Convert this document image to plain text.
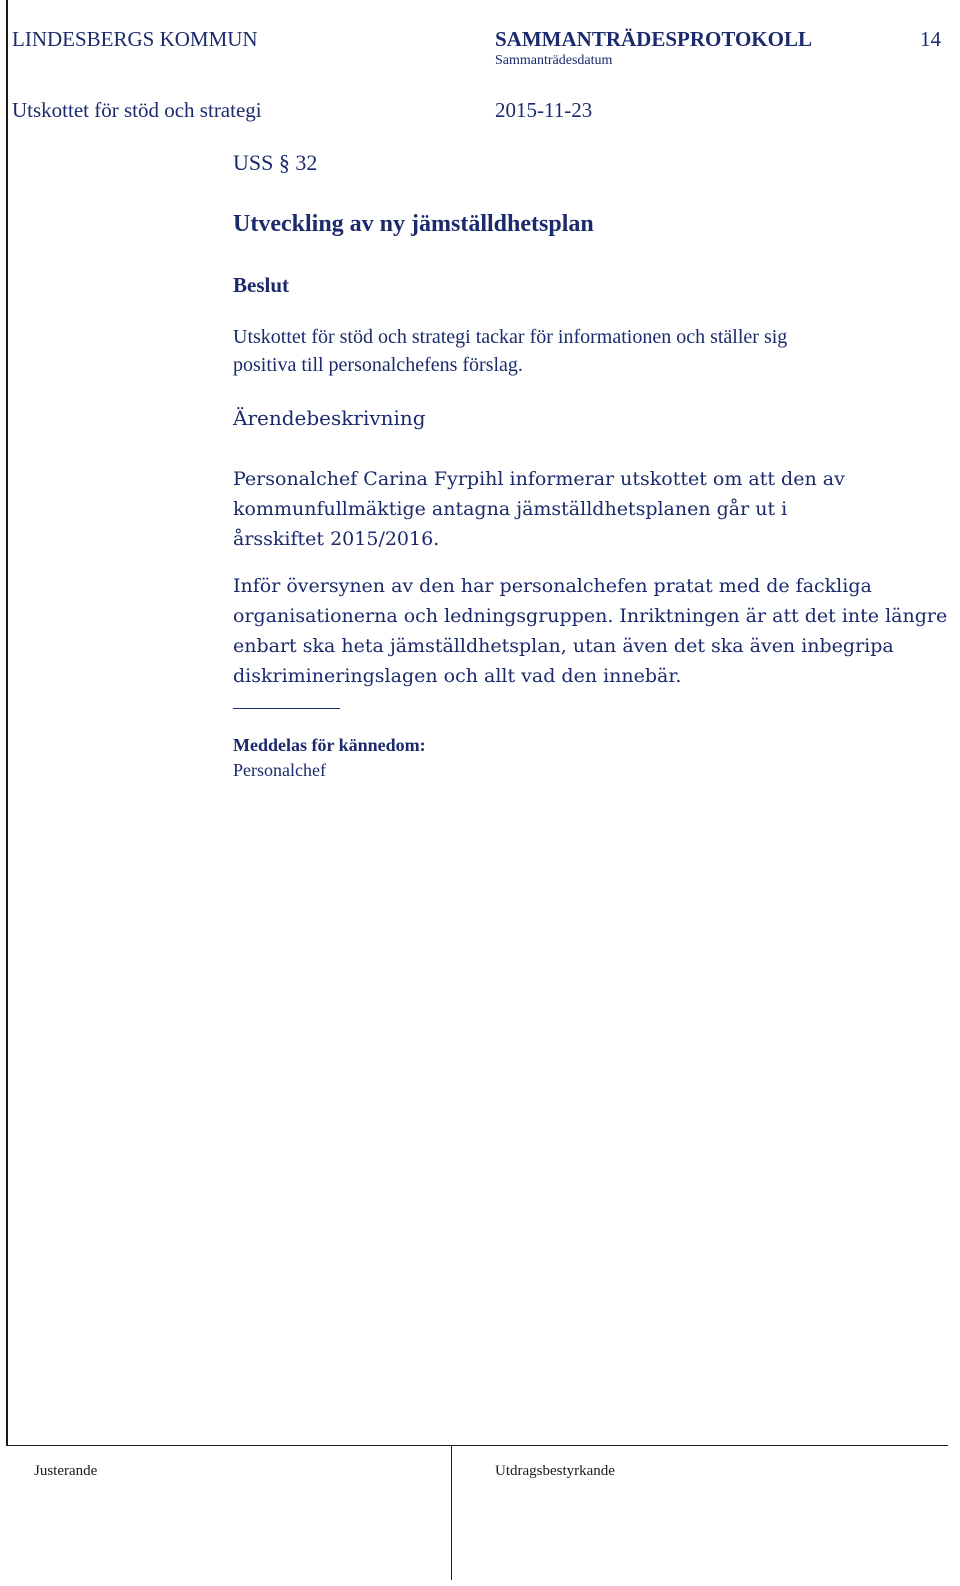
LINDESBERGS KOMMUN	SAMMANTRÄDESPROTOKOLL	14
Sammanträdesdatum
Utskottet för stöd och strategi	2015-11-23
USS § 32
Utveckling av ny jämställdhetsplan
Beslut
Utskottet för stöd och strategi tackar för informationen och ställer sig
positiva till personalchefens förslag.
Ärendebeskrivning
Personalchef Carina Fyrpihl informerar utskottet om att den av kommunfullmäktige antagna jämställdhetsplanen går ut i årsskiftet 2015/2016.
Inför översynen av den har personalchefen pratat med de fackliga organisationerna och ledningsgruppen. Inriktningen är att det inte längre enbart ska heta jämställdhetsplan, utan även det ska även inbegripa diskrimineringslagen och allt vad den innebär.
Meddelas för kännedom:
Personalchef
Justerande	Utdragsbestyrkande
